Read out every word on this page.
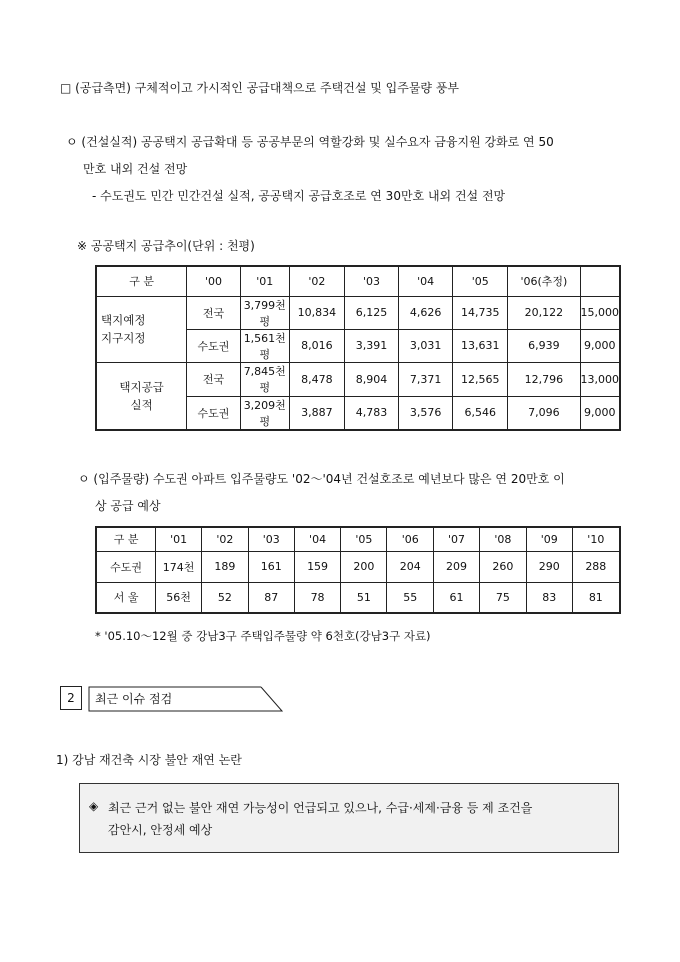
□ (공급측면) 구체적이고 가시적인 공급대책으로 주택건설 및 입주물량 풍부
ㅇ (건설실적) 공공택지 공급확대 등 공공부문의 역할강화 및 실수요자 금융지원 강화로 연 50
만호 내외 건설 전망
- 수도권도 민간 민간건설 실적, 공공택지 공급호조로 연 30만호 내외 건설 전망
※ 공공택지 공급추이(단위 : 천평)
구 분	'00	'01	'02	'03	'04	'05	'06(추정)	
택지예정
지구지정	전국	3,799천평	10,834	6,125	4,626	14,735	20,122	15,000
	수도권	1,561천평	8,016	3,391	3,031	13,631	6,939	9,000
택지공급
실적	전국	7,845천평	8,478	8,904	7,371	12,565	12,796	13,000
	수도권	3,209천평	3,887	4,783	3,576	6,546	7,096	9,000
ㅇ (입주물량) 수도권 아파트 입주물량도 '02～'04년 건설호조로 예년보다 많은 연 20만호 이
상 공급 예상
구 분	'01	'02	'03	'04	'05	'06	'07	'08	'09	'10
수도권	174천	189	161	159	200	204	209	260	290	288
서 울	56천	52	87	78	51	55	61	75	83	81
* '05.10～12월 중 강남3구 주택입주물량 약 6천호(강남3구 자료)
2	최근 이슈 점검
1) 강남 재건축 시장 불안 재연 논란
◈ 최근 근거 없는 불안 재연 가능성이 언급되고 있으나, 수급·세제·금융 등 제 조건을
감안시, 안정세 예상
